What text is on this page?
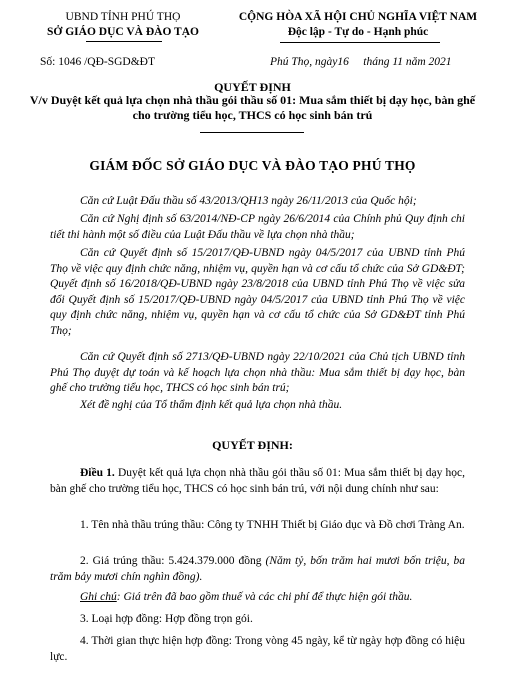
UBND TỈNH PHÚ THỌ
SỞ GIÁO DỤC VÀ ĐÀO TẠO
CỘNG HÒA XÃ HỘI CHỦ NGHĨA VIỆT NAM
Độc lập - Tự do - Hạnh phúc
Số: 1046 /QĐ-SGD&ĐT	Phú Thọ, ngày16     tháng 11 năm 2021
QUYẾT ĐỊNH
V/v Duyệt kết quả lựa chọn nhà thầu gói thầu số 01: Mua sắm thiết bị dạy học, bàn ghế cho trường tiểu học, THCS có học sinh bán trú
GIÁM ĐỐC SỞ GIÁO DỤC VÀ ĐÀO TẠO PHÚ THỌ
Căn cứ Luật Đấu thầu số 43/2013/QH13 ngày 26/11/2013 của Quốc hội;
Căn cứ Nghị định số 63/2014/NĐ-CP ngày 26/6/2014 của Chính phủ Quy định chi tiết thi hành một số điều của Luật Đấu thầu về lựa chọn nhà thầu;
Căn cứ Quyết định số 15/2017/QĐ-UBND ngày 04/5/2017 của UBND tỉnh Phú Thọ về việc quy định chức năng, nhiệm vụ, quyền hạn và cơ cấu tổ chức của Sở GD&ĐT; Quyết định số 16/2018/QĐ-UBND ngày 23/8/2018 của UBND tỉnh Phú Thọ về việc sửa đổi Quyết định số 15/2017/QĐ-UBND ngày 04/5/2017 của UBND tỉnh Phú Thọ về việc quy định chức năng, nhiệm vụ, quyền hạn và cơ cấu tổ chức của Sở GD&ĐT tỉnh Phú Thọ;
Căn cứ Quyết định số 2713/QĐ-UBND ngày 22/10/2021 của Chủ tịch UBND tỉnh Phú Thọ duyệt dự toán và kế hoạch lựa chọn nhà thầu: Mua sắm thiết bị dạy học, bàn ghế cho trường tiểu học, THCS có học sinh bán trú;
Xét đề nghị của Tổ thẩm định kết quả lựa chọn nhà thầu.
QUYẾT ĐỊNH:
Điều 1. Duyệt kết quả lựa chọn nhà thầu gói thầu số 01: Mua sắm thiết bị dạy học, bàn ghế cho trường tiểu học, THCS có học sinh bán trú, với nội dung chính như sau:
1. Tên nhà thầu trúng thầu: Công ty TNHH Thiết bị Giáo dục và Đồ chơi Tràng An.
2. Giá trúng thầu: 5.424.379.000 đồng (Năm tỷ, bốn trăm hai mươi bốn triệu, ba trăm bảy mươi chín nghìn đồng).
Ghi chú: Giá trên đã bao gồm thuế và các chi phí để thực hiện gói thầu.
3. Loại hợp đồng: Hợp đồng trọn gói.
4. Thời gian thực hiện hợp đồng: Trong vòng 45 ngày, kể từ ngày hợp đồng có hiệu lực.
